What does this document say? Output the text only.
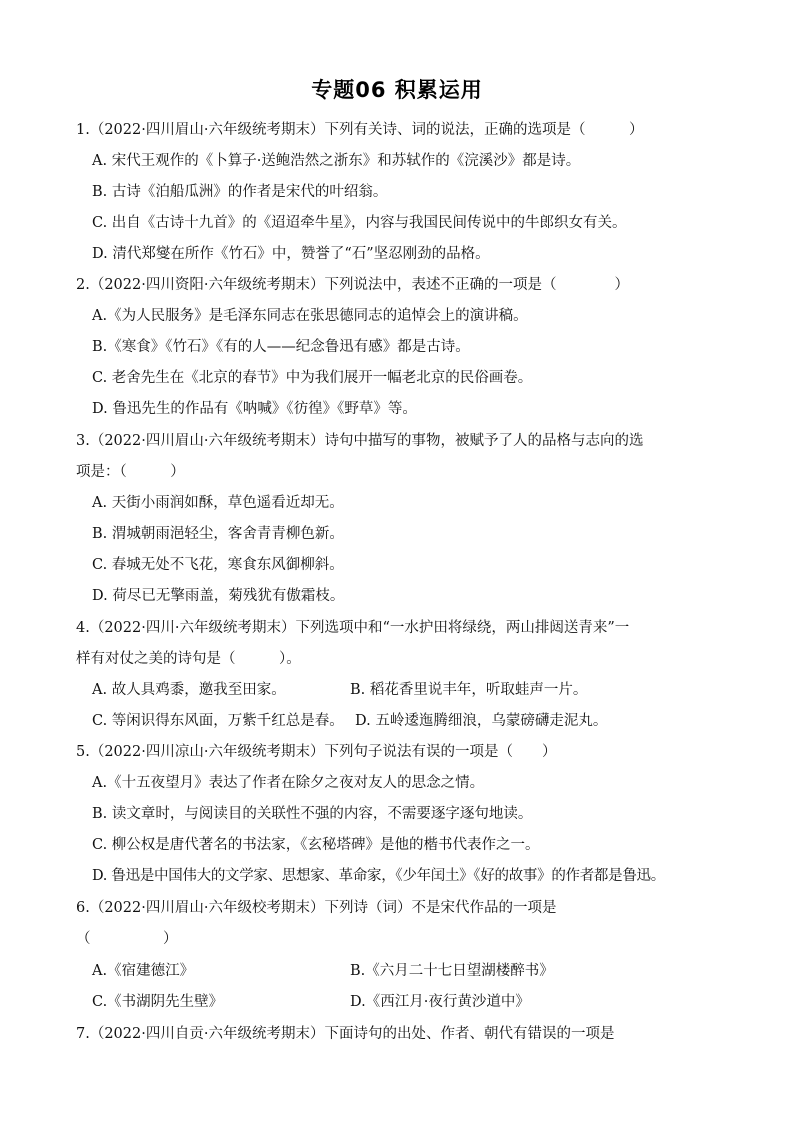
专题06 积累运用
1.（2022·四川眉山·六年级统考期末）下列有关诗、词的说法，正确的选项是（　　　）
A. 宋代王观作的《卜算子·送鲍浩然之浙东》和苏轼作的《浣溪沙》都是诗。
B. 古诗《泊船瓜洲》的作者是宋代的叶绍翁。
C. 出自《古诗十九首》的《迢迢牵牛星》，内容与我国民间传说中的牛郎织女有关。
D. 清代郑燮在所作《竹石》中，赞誉了“石”坚忍刚劲的品格。
2.（2022·四川资阳·六年级统考期末）下列说法中，表述不正确的一项是（　　　　）
A.《为人民服务》是毛泽东同志在张思德同志的追悼会上的演讲稿。
B.《寒食》《竹石》《有的人——纪念鲁迅有感》都是古诗。
C. 老舍先生在《北京的春节》中为我们展开一幅老北京的民俗画卷。
D. 鲁迅先生的作品有《呐喊》《彷徨》《野草》等。
3.（2022·四川眉山·六年级统考期末）诗句中描写的事物，被赋予了人的品格与志向的选
项是：（　　　）
A. 天街小雨润如酥，草色遥看近却无。
B. 渭城朝雨浥轻尘，客舍青青柳色新。
C. 春城无处不飞花，寒食东风御柳斜。
D. 荷尽已无擎雨盖，菊残犹有傲霜枝。
4.（2022·四川·六年级统考期末）下列选项中和“一水护田将绿绕，两山排闼送青来”一
样有对仗之美的诗句是（　　　）。
A. 故人具鸡黍，邀我至田家。	B. 稻花香里说丰年，听取蛙声一片。
C. 等闲识得东风面，万紫千红总是春。 D. 五岭逶迤腾细浪，乌蒙磅礴走泥丸。
5.（2022·四川凉山·六年级统考期末）下列句子说法有误的一项是（　　）
A.《十五夜望月》表达了作者在除夕之夜对友人的思念之情。
B. 读文章时，与阅读目的关联性不强的内容，不需要逐字逐句地读。
C. 柳公权是唐代著名的书法家，《玄秘塔碑》是他的楷书代表作之一。
D. 鲁迅是中国伟大的文学家、思想家、革命家，《少年闰土》《好的故事》的作者都是鲁迅。
6.（2022·四川眉山·六年级校考期末）下列诗（词）不是宋代作品的一项是
（　　　　　）
A.《宿建德江》	B.《六月二十七日望湖楼醉书》
C.《书湖阴先生壁》	D.《西江月·夜行黄沙道中》
7.（2022·四川自贡·六年级统考期末）下面诗句的出处、作者、朝代有错误的一项是
